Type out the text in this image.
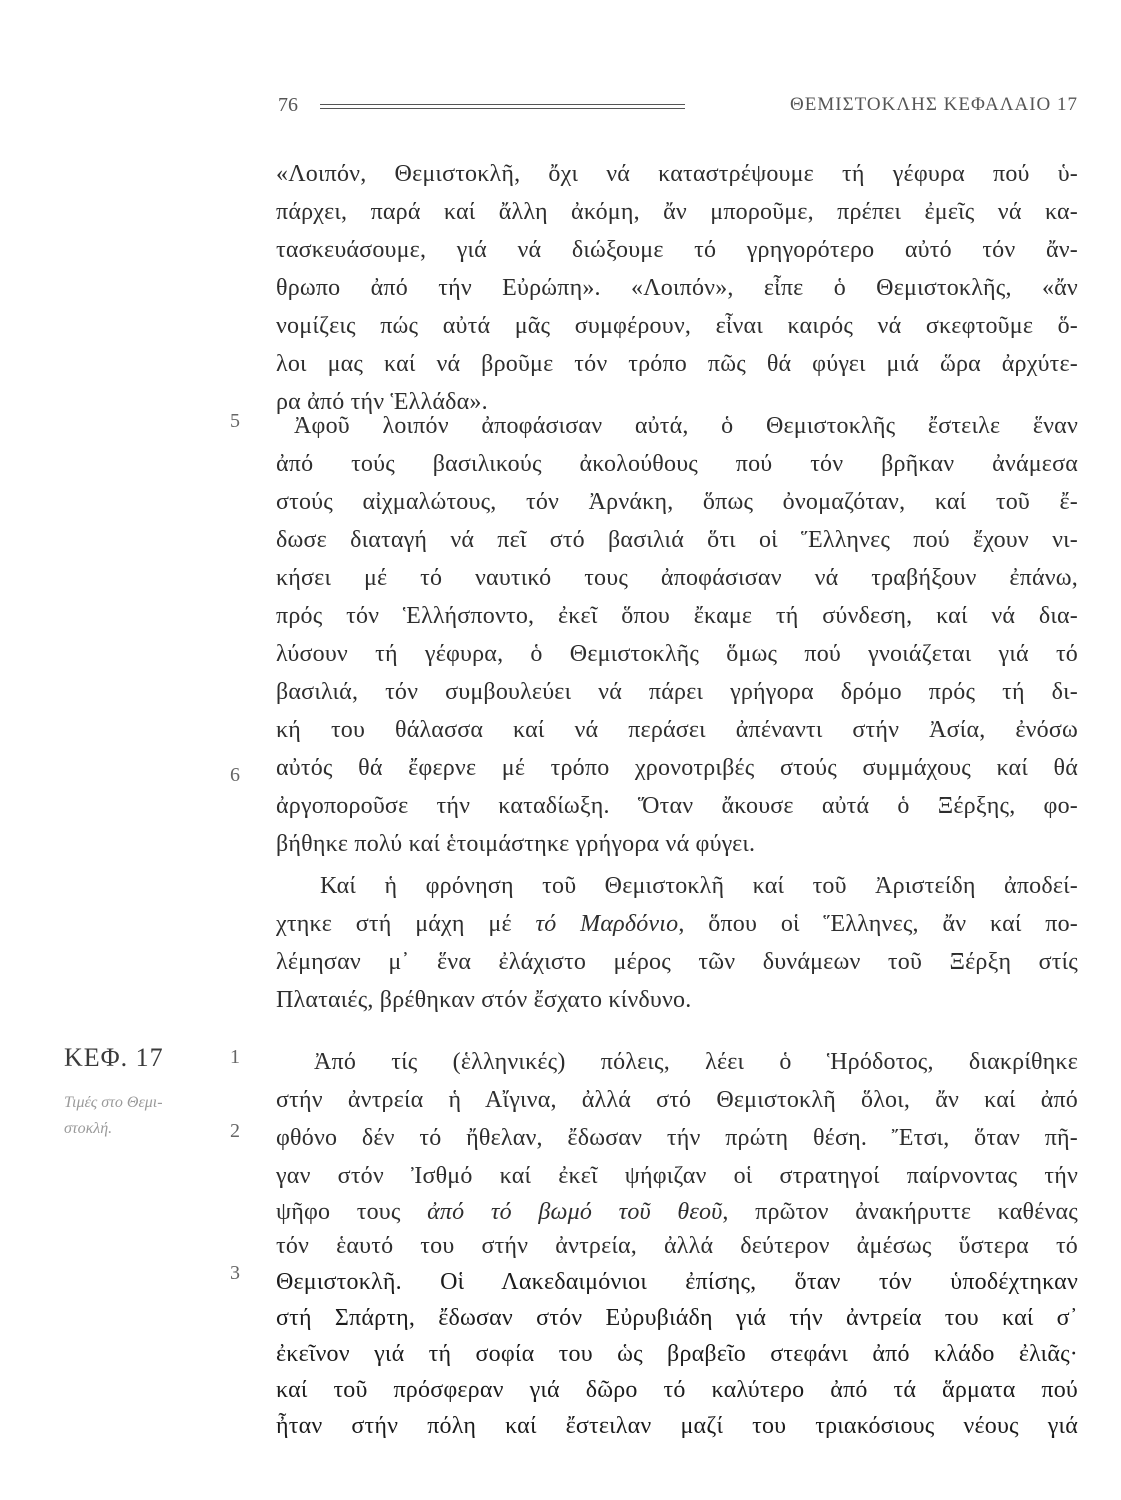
76	ΘΕΜΙΣΤΟΚΛΗΣ ΚΕΦΑΛΑΙΟ 17
5
6
1
2
3
ΚΕΦ. 17
Τιμές στο Θεμι-
στοκλή.
«Λοιπόν, Θεμιστοκλῆ, ὄχι νά καταστρέψουμε τή γέφυρα πού ὑ-
πάρχει, παρά καί ἄλλη ἀκόμη, ἄν μποροῦμε, πρέπει ἐμεῖς νά κα-
τασκευάσουμε, γιά νά διώξουμε τό γρηγορότερο αὐτό τόν ἄν-
θρωπο ἀπό τήν Εὐρώπη». «Λοιπόν», εἶπε ὁ Θεμιστοκλῆς, «ἄν
νομίζεις πώς αὐτά μᾶς συμφέρουν, εἶναι καιρός νά σκεφτοῦμε ὅ-
λοι μας καί νά βροῦμε τόν τρόπο πῶς θά φύγει μιά ὥρα ἀρχύτε-
ρα ἀπό τήν Ἑλλάδα».
Ἀφοῦ λοιπόν ἀποφάσισαν αὐτά, ὁ Θεμιστοκλῆς ἔστειλε ἕναν
ἀπό τούς βασιλικούς ἀκολούθους πού τόν βρῆκαν ἀνάμεσα
στούς αἰχμαλώτους, τόν Ἀρνάκη, ὅπως ὀνομαζόταν, καί τοῦ ἔ-
δωσε διαταγή νά πεῖ στό βασιλιά ὅτι οἱ Ἕλληνες πού ἔχουν νι-
κήσει μέ τό ναυτικό τους ἀποφάσισαν νά τραβήξουν ἐπάνω,
πρός τόν Ἑλλήσποντο, ἐκεῖ ὅπου ἔκαμε τή σύνδεση, καί νά δια-
λύσουν τή γέφυρα, ὁ Θεμιστοκλῆς ὅμως πού γνοιάζεται γιά τό
βασιλιά, τόν συμβουλεύει νά πάρει γρήγορα δρόμο πρός τή δι-
κή του θάλασσα καί νά περάσει ἀπέναντι στήν Ἀσία, ἐνόσω
αὐτός θά ἔφερνε μέ τρόπο χρονοτριβές στούς συμμάχους καί θά
ἀργοποροῦσε τήν καταδίωξη. Ὅταν ἄκουσε αὐτά ὁ Ξέρξης, φο-
βήθηκε πολύ καί ἑτοιμάστηκε γρήγορα νά φύγει.
Καί ἡ φρόνηση τοῦ Θεμιστοκλῆ καί τοῦ Ἀριστείδη ἀποδεί-
χτηκε στή μάχη μέ τό Μαρδόνιο, ὅπου οἱ Ἕλληνες, ἄν καί πο-
λέμησαν μ᾽ ἕνα ἐλάχιστο μέρος τῶν δυνάμεων τοῦ Ξέρξη στίς
Πλαταιές, βρέθηκαν στόν ἔσχατο κίνδυνο.
Ἀπό τίς (ἑλληνικές) πόλεις, λέει ὁ Ἡρόδοτος, διακρίθηκε
στήν ἀντρεία ἡ Αἴγινα, ἀλλά στό Θεμιστοκλῆ ὅλοι, ἄν καί ἀπό
φθόνο δέν τό ἤθελαν, ἔδωσαν τήν πρώτη θέση. Ἔτσι, ὅταν πῆ-
γαν στόν Ἰσθμό καί ἐκεῖ ψήφιζαν οἱ στρατηγοί παίρνοντας τήν
ψῆφο τους ἀπό τό βωμό τοῦ θεοῦ, πρῶτον ἀνακήρυττε καθένας
τόν ἑαυτό του στήν ἀντρεία, ἀλλά δεύτερον ἀμέσως ὕστερα τό
Θεμιστοκλῆ. Οἱ Λακεδαιμόνιοι ἐπίσης, ὅταν τόν ὑποδέχτηκαν
στή Σπάρτη, ἔδωσαν στόν Εὐρυβιάδη γιά τήν ἀντρεία του καί σ᾽
ἐκεῖνον γιά τή σοφία του ὡς βραβεῖο στεφάνι ἀπό κλάδο ἐλιᾶς·
καί τοῦ πρόσφεραν γιά δῶρο τό καλύτερο ἀπό τά ἅρματα πού
ἦταν στήν πόλη καί ἔστειλαν μαζί του τριακόσιους νέους γιά
